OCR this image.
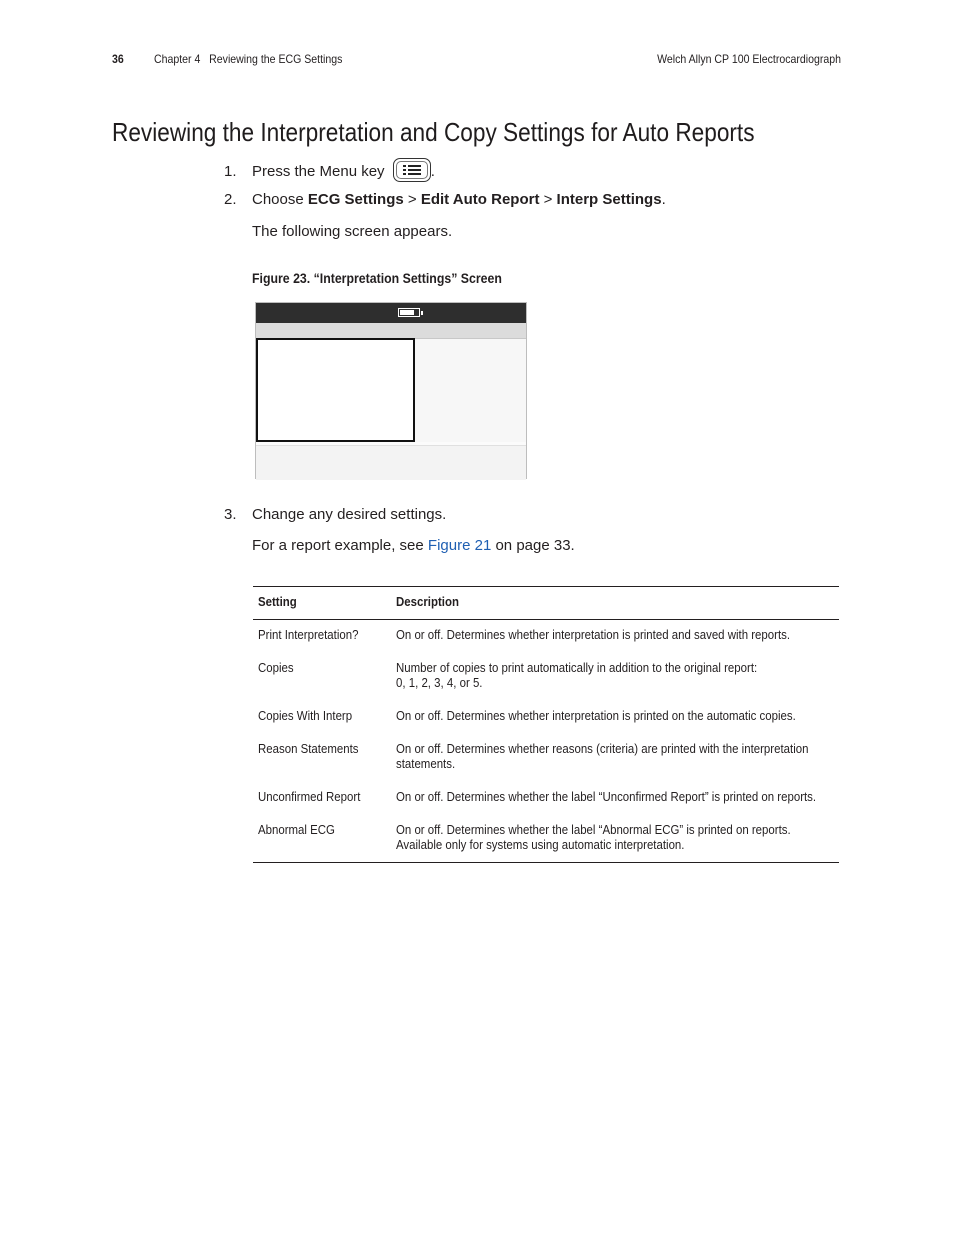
36	Chapter 4   Reviewing the ECG Settings	Welch Allyn CP 100 Electrocardiograph
Reviewing the Interpretation and Copy Settings for Auto Reports
1. Press the Menu key	.
2. Choose ECG Settings > Edit Auto Report > Interp Settings.
The following screen appears.
Figure 23. “Interpretation Settings” Screen
3. Change any desired settings.
For a report example, see Figure 21 on page 33.
Setting	Description
Print Interpretation?	On or off. Determines whether interpretation is printed and saved with reports.
Copies	Number of copies to print automatically in addition to the original report:
0, 1, 2, 3, 4, or 5.
Copies With Interp	On or off. Determines whether interpretation is printed on the automatic copies.
Reason Statements	On or off. Determines whether reasons (criteria) are printed with the interpretation
statements.
Unconfirmed Report	On or off. Determines whether the label “Unconfirmed Report” is printed on reports.
Abnormal ECG	On or off. Determines whether the label “Abnormal ECG” is printed on reports.
Available only for systems using automatic interpretation.
